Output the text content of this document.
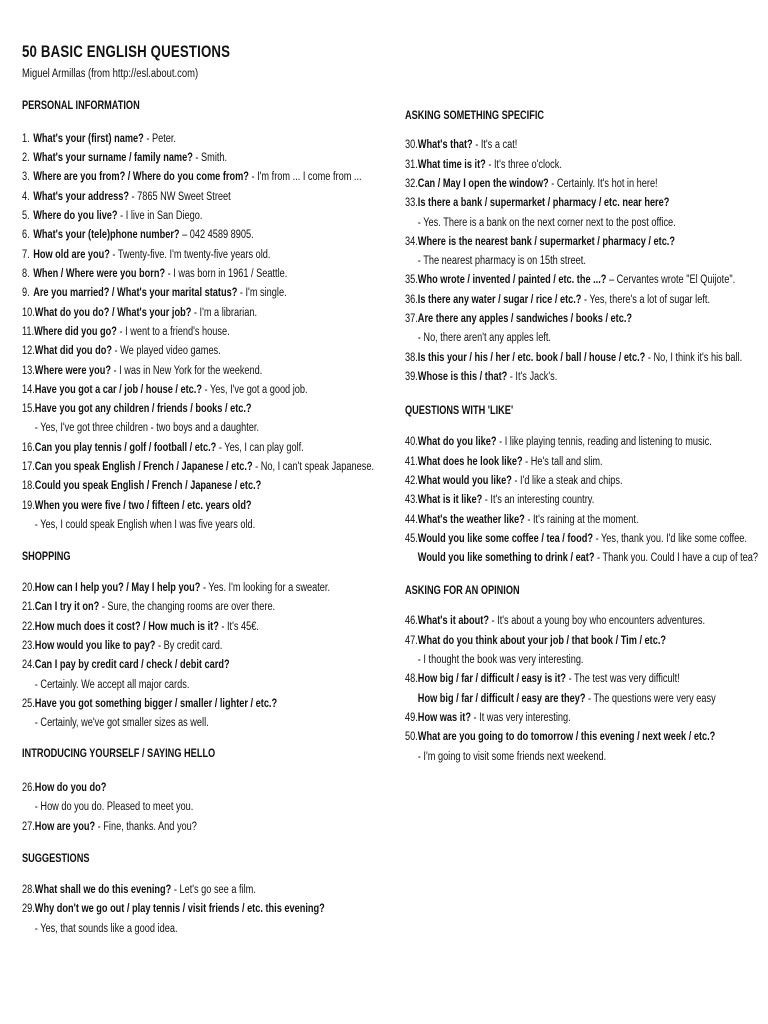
50 BASIC ENGLISH QUESTIONS
Miguel Armillas (from http://esl.about.com)
PERSONAL INFORMATION
1. What's your (first) name? - Peter.
2. What's your surname / family name? - Smith.
3. Where are you from? / Where do you come from? - I'm from ... I come from ...
4. What's your address? - 7865 NW Sweet Street
5. Where do you live? - I live in San Diego.
6. What's your (tele)phone number? – 042 4589 8905.
7. How old are you? - Twenty-five. I'm twenty-five years old.
8. When / Where were you born? - I was born in 1961 / Seattle.
9. Are you married? / What's your marital status? - I'm single.
10.What do you do? / What's your job? - I'm a librarian.
11.Where did you go? - I went to a friend's house.
12.What did you do? - We played video games.
13.Where were you? - I was in New York for the weekend.
14.Have you got a car / job / house / etc.? - Yes, I've got a good job.
15.Have you got any children / friends / books / etc.?
- Yes, I've got three children - two boys and a daughter.
16.Can you play tennis / golf / football / etc.? - Yes, I can play golf.
17.Can you speak English / French / Japanese / etc.? - No, I can't speak Japanese.
18.Could you speak English / French / Japanese / etc.?
19.When you were five / two / fifteen / etc. years old?
- Yes, I could speak English when I was five years old.
SHOPPING
20.How can I help you? / May I help you? - Yes. I'm looking for a sweater.
21.Can I try it on? - Sure, the changing rooms are over there.
22.How much does it cost? / How much is it? - It's 45€.
23.How would you like to pay? - By credit card.
24.Can I pay by credit card / check / debit card?
- Certainly. We accept all major cards.
25.Have you got something bigger / smaller / lighter / etc.?
- Certainly, we've got smaller sizes as well.
INTRODUCING YOURSELF / SAYING HELLO
26.How do you do?
- How do you do. Pleased to meet you.
27.How are you? - Fine, thanks. And you?
SUGGESTIONS
28.What shall we do this evening? - Let's go see a film.
29.Why don't we go out / play tennis / visit friends / etc. this evening?
- Yes, that sounds like a good idea.
ASKING SOMETHING SPECIFIC
30.What's that? - It's a cat!
31.What time is it? - It's three o'clock.
32.Can / May I open the window? - Certainly. It's hot in here!
33.Is there a bank / supermarket / pharmacy / etc. near here?
- Yes. There is a bank on the next corner next to the post office.
34.Where is the nearest bank / supermarket / pharmacy / etc.?
- The nearest pharmacy is on 15th street.
35.Who wrote / invented / painted / etc. the ...? – Cervantes wrote "El Quijote".
36.Is there any water / sugar / rice / etc.? - Yes, there's a lot of sugar left.
37.Are there any apples / sandwiches / books / etc.?
- No, there aren't any apples left.
38.Is this your / his / her / etc. book / ball / house / etc.? - No, I think it's his ball.
39.Whose is this / that? - It's Jack's.
QUESTIONS WITH 'LIKE'
40.What do you like? - I like playing tennis, reading and listening to music.
41.What does he look like? - He's tall and slim.
42.What would you like? - I'd like a steak and chips.
43.What is it like? - It's an interesting country.
44.What's the weather like? - It's raining at the moment.
45.Would you like some coffee / tea / food? - Yes, thank you. I'd like some coffee.
Would you like something to drink / eat? - Thank you. Could I have a cup of tea?
ASKING FOR AN OPINION
46.What's it about? - It's about a young boy who encounters adventures.
47.What do you think about your job / that book / Tim / etc.?
- I thought the book was very interesting.
48.How big / far / difficult / easy is it? - The test was very difficult!
How big / far / difficult / easy are they? - The questions were very easy
49.How was it? - It was very interesting.
50.What are you going to do tomorrow / this evening / next week / etc.?
- I'm going to visit some friends next weekend.
